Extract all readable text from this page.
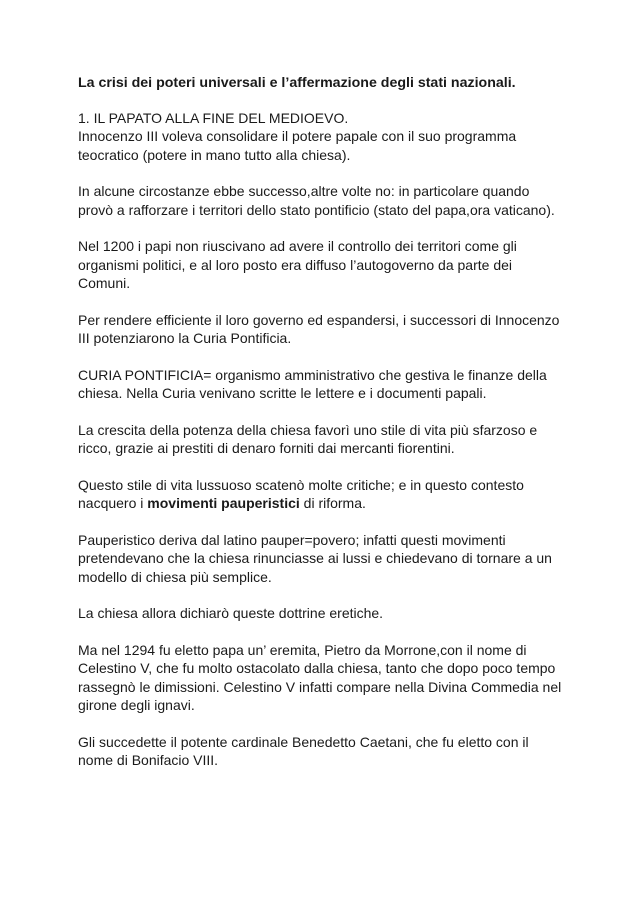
La crisi dei poteri universali e l’affermazione degli stati nazionali.

1. IL PAPATO ALLA FINE DEL MEDIOEVO.

Innocenzo III voleva consolidare il potere papale con il suo programma
teocratico (potere in mano tutto alla chiesa).

In alcune circostanze ebbe successo,altre volte no: in particolare quando
provò a rafforzare i territori dello stato pontificio (stato del papa,ora vaticano).

Nel 1200 i papi non riuscivano ad avere il controllo dei territori come gli
organismi politici, e al loro posto era diffuso l’autogoverno da parte dei
Comuni.

Per rendere efficiente il loro governo ed espandersi, i successori di Innocenzo
III potenziarono la Curia Pontificia.

CURIA PONTIFICIA= organismo amministrativo che gestiva le finanze della
chiesa. Nella Curia venivano scritte le lettere e i documenti papali.

La crescita della potenza della chiesa favorì uno stile di vita più sfarzoso e
ricco, grazie ai prestiti di denaro forniti dai mercanti fiorentini.

Questo stile di vita lussuoso scatenò molte critiche; e in questo contesto
nacquero i movimenti pauperistici di riforma.

Pauperistico deriva dal latino pauper=povero; infatti questi movimenti
pretendevano che la chiesa rinunciasse ai lussi e chiedevano di tornare a un
modello di chiesa più semplice.

La chiesa allora dichiarò queste dottrine eretiche.

Ma nel 1294 fu eletto papa un’ eremita, Pietro da Morrone,con il nome di
Celestino V, che fu molto ostacolato dalla chiesa, tanto che dopo poco tempo
rassegnò le dimissioni. Celestino V infatti compare nella Divina Commedia nel
girone degli ignavi.

Gli succedette il potente cardinale Benedetto Caetani, che fu eletto con il
nome di Bonifacio VIII.
